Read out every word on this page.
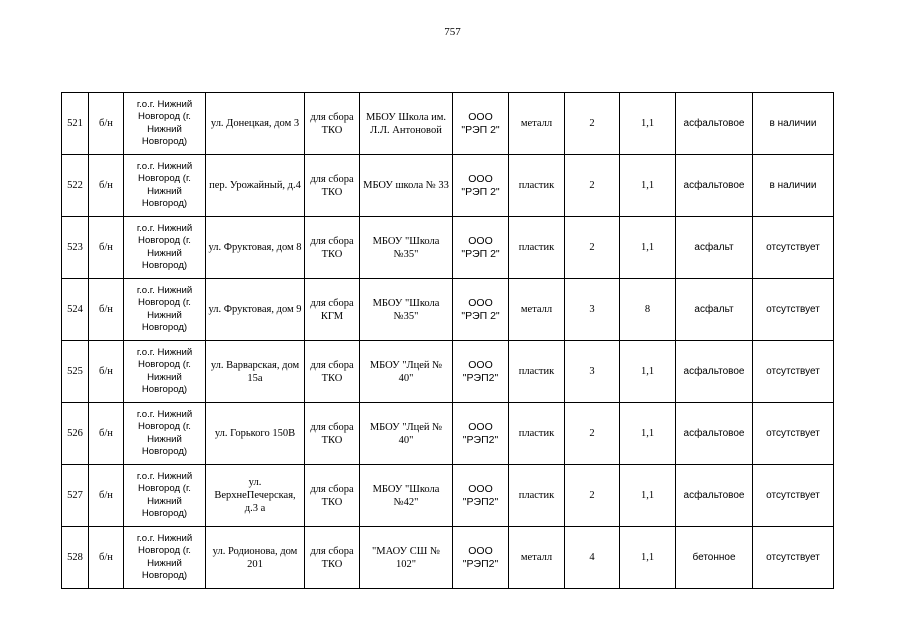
757
521	б/н	г.о.г. Нижний Новгород (г. Нижний Новгород)	ул. Донецкая, дом 3	для сбора ТКО	МБОУ Школа им. Л.Л. Антоновой	ООО "РЭП 2"	металл	2	1,1	асфальтовое	в наличии
522	б/н	г.о.г. Нижний Новгород (г. Нижний Новгород)	пер. Урожайный, д.4	для сбора ТКО	МБОУ школа № 33	ООО "РЭП 2"	пластик	2	1,1	асфальтовое	в наличии
523	б/н	г.о.г. Нижний Новгород (г. Нижний Новгород)	ул. Фруктовая, дом 8	для сбора ТКО	МБОУ "Школа №35"	ООО "РЭП 2"	пластик	2	1,1	асфальт	отсутствует
524	б/н	г.о.г. Нижний Новгород (г. Нижний Новгород)	ул. Фруктовая, дом 9	для сбора КГМ	МБОУ "Школа №35"	ООО "РЭП 2"	металл	3	8	асфальт	отсутствует
525	б/н	г.о.г. Нижний Новгород (г. Нижний Новгород)	ул. Варварская, дом 15а	для сбора ТКО	МБОУ "Лцей № 40"	ООО "РЭП2"	пластик	3	1,1	асфальтовое	отсутствует
526	б/н	г.о.г. Нижний Новгород (г. Нижний Новгород)	ул. Горького 150В	для сбора ТКО	МБОУ "Лцей № 40"	ООО "РЭП2"	пластик	2	1,1	асфальтовое	отсутствует
527	б/н	г.о.г. Нижний Новгород (г. Нижний Новгород)	ул. ВерхнеПечерская, д.3 а	для сбора ТКО	МБОУ "Школа №42"	ООО "РЭП2"	пластик	2	1,1	асфальтовое	отсутствует
528	б/н	г.о.г. Нижний Новгород (г. Нижний Новгород)	ул. Родионова, дом 201	для сбора ТКО	"МАОУ СШ № 102"	ООО "РЭП2"	металл	4	1,1	бетонное	отсутствует
